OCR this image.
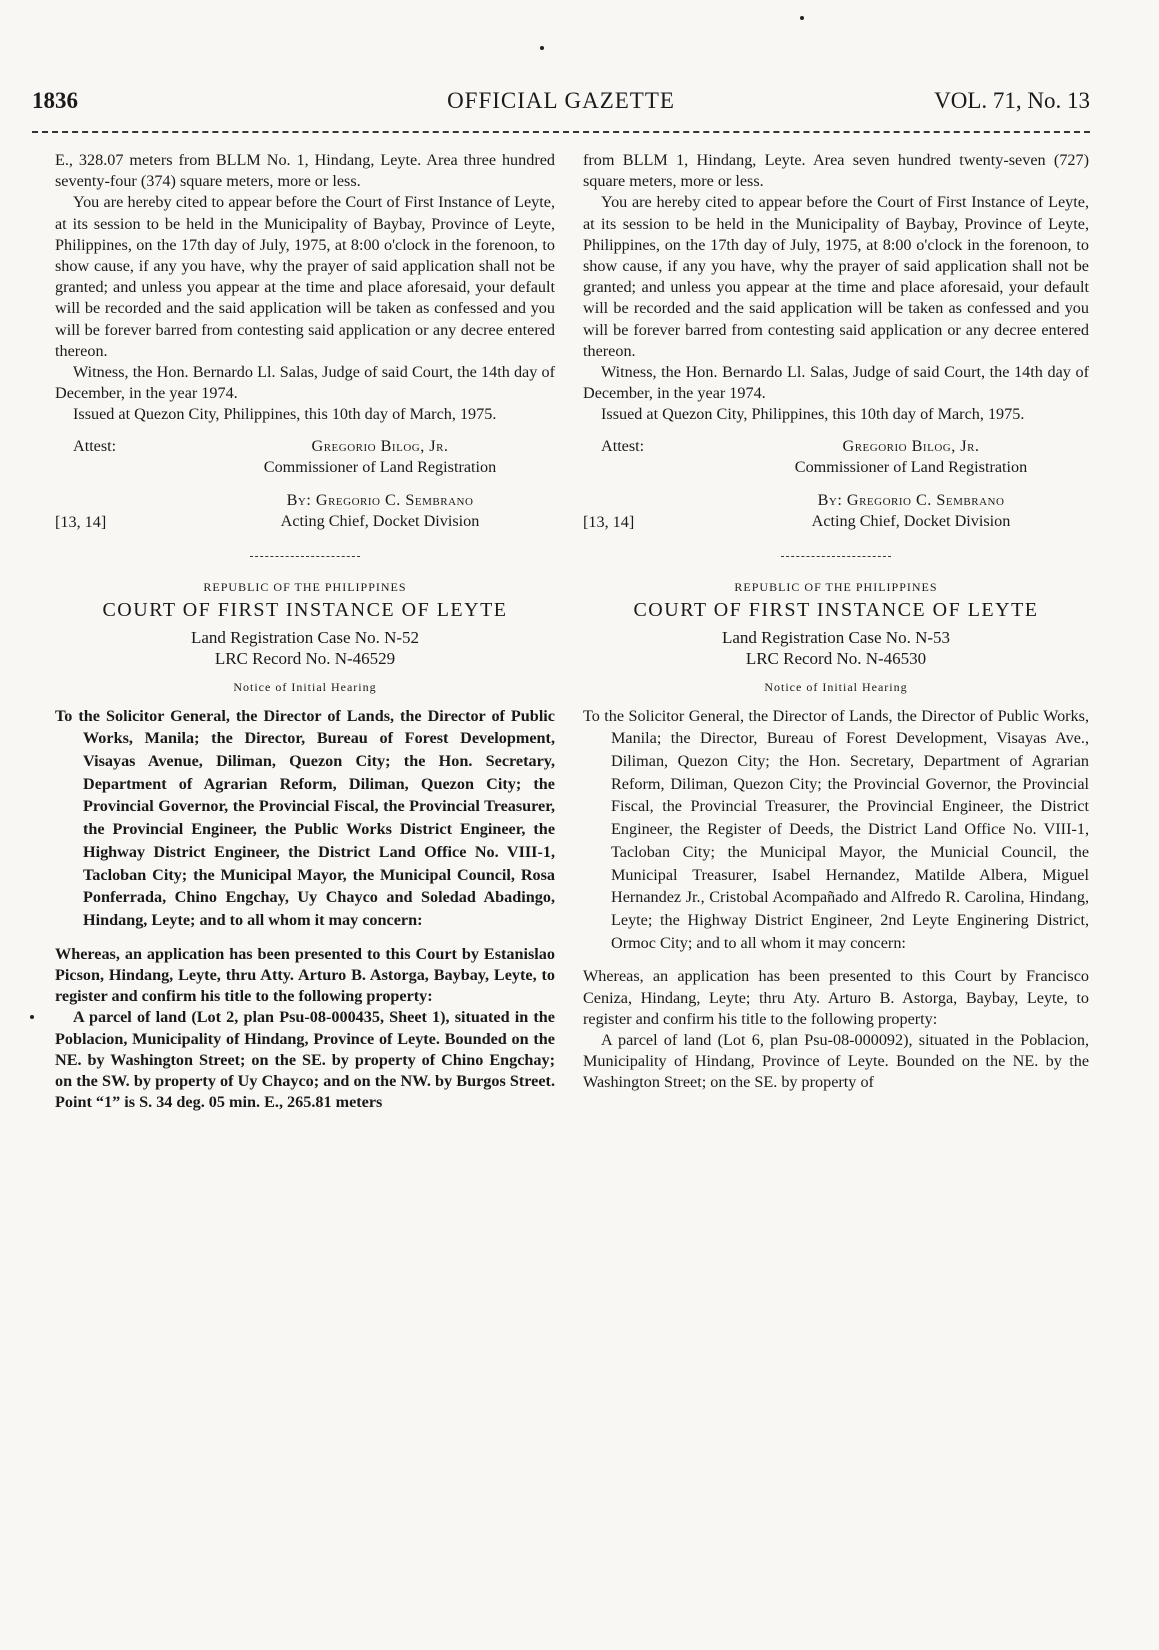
1836	OFFICIAL GAZETTE	VOL. 71, No. 13

E., 328.07 meters from BLLM No. 1, Hindang, Leyte. Area three hundred seventy-four (374) square meters, more or less.

You are hereby cited to appear before the Court of First Instance of Leyte, at its session to be held in the Municipality of Baybay, Province of Leyte, Philippines, on the 17th day of July, 1975, at 8:00 o'clock in the forenoon, to show cause, if any you have, why the prayer of said application shall not be granted; and unless you appear at the time and place aforesaid, your default will be recorded and the said application will be taken as confessed and you will be forever barred from contesting said application or any decree entered thereon.

Witness, the Hon. Bernardo Ll. Salas, Judge of said Court, the 14th day of December, in the year 1974.

Issued at Quezon City, Philippines, this 10th day of March, 1975.

Attest:	Gregorio Bilog, Jr.
Commissioner of Land Registration
[13, 14]
By: Gregorio C. Sembrano
Acting Chief, Docket Division
REPUBLIC OF THE PHILIPPINES
COURT OF FIRST INSTANCE OF LEYTE
Land Registration Case No. N-52
LRC Record No. N-46529
Notice of Initial Hearing

To the Solicitor General, the Director of Lands, the Director of Public Works, Manila; the Director, Bureau of Forest Development, Visayas Avenue, Diliman, Quezon City; the Hon. Secretary, Department of Agrarian Reform, Diliman, Quezon City; the Provincial Governor, the Provincial Fiscal, the Provincial Treasurer, the Provincial Engineer, the Public Works District Engineer, the Highway District Engineer, the District Land Office No. VIII-1, Tacloban City; the Municipal Mayor, the Municipal Council, Rosa Ponferrada, Chino Engchay, Uy Chayco and Soledad Abadingo, Hindang, Leyte; and to all whom it may concern:

Whereas, an application has been presented to this Court by Estanislao Picson, Hindang, Leyte, thru Atty. Arturo B. Astorga, Baybay, Leyte, to register and confirm his title to the following property:

A parcel of land (Lot 2, plan Psu-08-000435, Sheet 1), situated in the Poblacion, Municipality of Hindang, Province of Leyte. Bounded on the NE. by Washington Street; on the SE. by property of Chino Engchay; on the SW. by property of Uy Chayco; and on the NW. by Burgos Street. Point “1” is S. 34 deg. 05 min. E., 265.81 meters

from BLLM 1, Hindang, Leyte. Area seven hundred twenty-seven (727) square meters, more or less.

You are hereby cited to appear before the Court of First Instance of Leyte, at its session to be held in the Municipality of Baybay, Province of Leyte, Philippines, on the 17th day of July, 1975, at 8:00 o'clock in the forenoon, to show cause, if any you have, why the prayer of said application shall not be granted; and unless you appear at the time and place aforesaid, your default will be recorded and the said application will be taken as confessed and you will be forever barred from contesting said application or any decree entered thereon.

Witness, the Hon. Bernardo Ll. Salas, Judge of said Court, the 14th day of December, in the year 1974.

Issued at Quezon City, Philippines, this 10th day of March, 1975.

Attest:	Gregorio Bilog, Jr.
Commissioner of Land Registration
[13, 14]
By: Gregorio C. Sembrano
Acting Chief, Docket Division
REPUBLIC OF THE PHILIPPINES
COURT OF FIRST INSTANCE OF LEYTE
Land Registration Case No. N-53
LRC Record No. N-46530
Notice of Initial Hearing

To the Solicitor General, the Director of Lands, the Director of Public Works, Manila; the Director, Bureau of Forest Development, Visayas Ave., Diliman, Quezon City; the Hon. Secretary, Department of Agrarian Reform, Diliman, Quezon City; the Provincial Governor, the Provincial Fiscal, the Provincial Treasurer, the Provincial Engineer, the District Engineer, the Register of Deeds, the District Land Office No. VIII-1, Tacloban City; the Municipal Mayor, the Municial Council, the Municipal Treasurer, Isabel Hernandez, Matilde Albera, Miguel Hernandez Jr., Cristobal Acompañado and Alfredo R. Carolina, Hindang, Leyte; the Highway District Engineer, 2nd Leyte Enginering District, Ormoc City; and to all whom it may concern:

Whereas, an application has been presented to this Court by Francisco Ceniza, Hindang, Leyte; thru Aty. Arturo B. Astorga, Baybay, Leyte, to register and confirm his title to the following property:

A parcel of land (Lot 6, plan Psu-08-000092), situated in the Poblacion, Municipality of Hindang, Province of Leyte. Bounded on the NE. by the Washington Street; on the SE. by property of
